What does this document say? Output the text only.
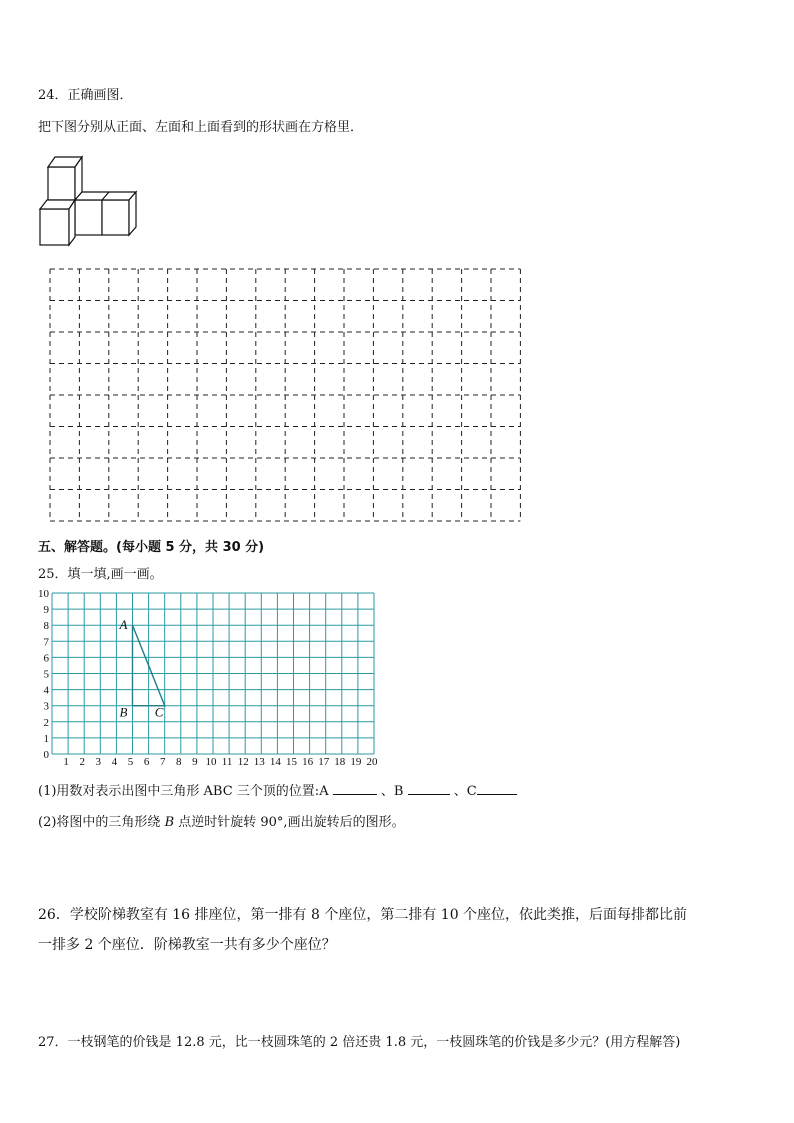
24．正确画图．
把下图分别从正面、左面和上面看到的形状画在方格里．
五、解答题。(每小题 5 分，共 30 分)
25．填一填,画一画。
1 2 3 4 5 6 7 8 9 10 11 12 13 14 15 16 17 18 19 20
0
1
2
3
4
5
6
7
8
9
10
A
B C
(1)用数对表示出图中三角形 ABC 三个顶的位置:A	、B	、C
(2)将图中的三角形绕 B 点逆时针旋转 90°,画出旋转后的图形。
26．学校阶梯教室有 16 排座位，第一排有 8 个座位，第二排有 10 个座位，依此类推，后面每排都比前
一排多 2 个座位．阶梯教室一共有多少个座位？
27．一枝钢笔的价钱是 12.8 元，比一枝圆珠笔的 2 倍还贵 1.8 元，一枝圆珠笔的价钱是多少元？(用方程解答)
